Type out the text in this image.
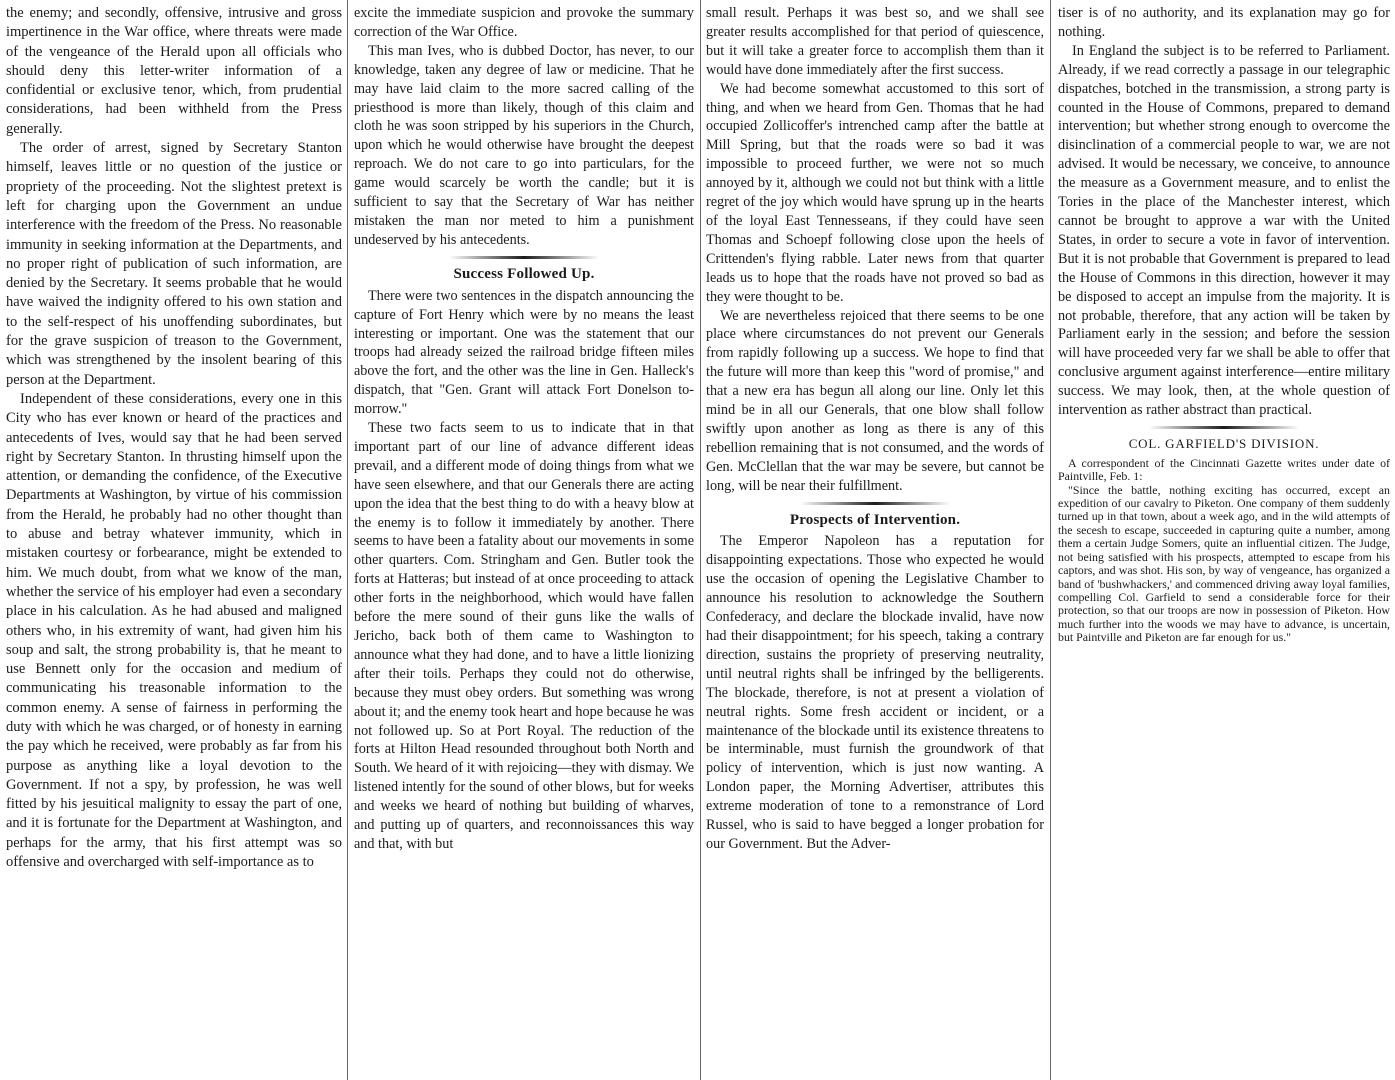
the enemy; and secondly, offensive, intrusive and gross impertinence in the War office, where threats were made of the vengeance of the Herald upon all officials who should deny this letter-writer information of a confidential or exclusive tenor, which, from prudential considerations, had been withheld from the Press generally.

The order of arrest, signed by Secretary Stanton himself, leaves little or no question of the justice or propriety of the proceeding. Not the slightest pretext is left for charging upon the Government an undue interference with the freedom of the Press. No reasonable immunity in seeking information at the Departments, and no proper right of publication of such information, are denied by the Secretary. It seems probable that he would have waived the indignity offered to his own station and to the self-respect of his unoffending subordinates, but for the grave suspicion of treason to the Government, which was strengthened by the insolent bearing of this person at the Department.

Independent of these considerations, every one in this City who has ever known or heard of the practices and antecedents of Ives, would say that he had been served right by Secretary Stanton. In thrusting himself upon the attention, or demanding the confidence, of the Executive Departments at Washington, by virtue of his commission from the Herald, he probably had no other thought than to abuse and betray whatever immunity, which in mistaken courtesy or forbearance, might be extended to him. We much doubt, from what we know of the man, whether the service of his employer had even a secondary place in his calculation. As he had abused and maligned others who, in his extremity of want, had given him his soup and salt, the strong probability is, that he meant to use Bennett only for the occasion and medium of communicating his treasonable information to the common enemy. A sense of fairness in performing the duty with which he was charged, or of honesty in earning the pay which he received, were probably as far from his purpose as anything like a loyal devotion to the Government. If not a spy, by profession, he was well fitted by his jesuitical malignity to essay the part of one, and it is fortunate for the Department at Washington, and perhaps for the army, that his first attempt was so offensive and overcharged with self-importance as to

excite the immediate suspicion and provoke the summary correction of the War Office.

This man Ives, who is dubbed Doctor, has never, to our knowledge, taken any degree of law or medicine. That he may have laid claim to the more sacred calling of the priesthood is more than likely, though of this claim and cloth he was soon stripped by his superiors in the Church, upon which he would otherwise have brought the deepest reproach. We do not care to go into particulars, for the game would scarcely be worth the candle; but it is sufficient to say that the Secretary of War has neither mistaken the man nor meted to him a punishment undeserved by his antecedents.

Success Followed Up.

There were two sentences in the dispatch announcing the capture of Fort Henry which were by no means the least interesting or important. One was the statement that our troops had already seized the railroad bridge fifteen miles above the fort, and the other was the line in Gen. Halleck's dispatch, that "Gen. Grant will attack Fort Donelson to-morrow."

These two facts seem to us to indicate that in that important part of our line of advance different ideas prevail, and a different mode of doing things from what we have seen elsewhere, and that our Generals there are acting upon the idea that the best thing to do with a heavy blow at the enemy is to follow it immediately by another. There seems to have been a fatality about our movements in some other quarters. Com. Stringham and Gen. Butler took the forts at Hatteras; but instead of at once proceeding to attack other forts in the neighborhood, which would have fallen before the mere sound of their guns like the walls of Jericho, back both of them came to Washington to announce what they had done, and to have a little lionizing after their toils. Perhaps they could not do otherwise, because they must obey orders. But something was wrong about it; and the enemy took heart and hope because he was not followed up. So at Port Royal. The reduction of the forts at Hilton Head resounded throughout both North and South. We heard of it with rejoicing—they with dismay. We listened intently for the sound of other blows, but for weeks and weeks we heard of nothing but building of wharves, and putting up of quarters, and reconnoissances this way and that, with but

small result. Perhaps it was best so, and we shall see greater results accomplished for that period of quiescence, but it will take a greater force to accomplish them than it would have done immediately after the first success.

We had become somewhat accustomed to this sort of thing, and when we heard from Gen. Thomas that he had occupied Zollicoffer's intrenched camp after the battle at Mill Spring, but that the roads were so bad it was impossible to proceed further, we were not so much annoyed by it, although we could not but think with a little regret of the joy which would have sprung up in the hearts of the loyal East Tennesseans, if they could have seen Thomas and Schoepf following close upon the heels of Crittenden's flying rabble. Later news from that quarter leads us to hope that the roads have not proved so bad as they were thought to be.

We are nevertheless rejoiced that there seems to be one place where circumstances do not prevent our Generals from rapidly following up a success. We hope to find that the future will more than keep this "word of promise," and that a new era has begun all along our line. Only let this mind be in all our Generals, that one blow shall follow swiftly upon another as long as there is any of this rebellion remaining that is not consumed, and the words of Gen. McClellan that the war may be severe, but cannot be long, will be near their fulfillment.

Prospects of Intervention.

The Emperor Napoleon has a reputation for disappointing expectations. Those who expected he would use the occasion of opening the Legislative Chamber to announce his resolution to acknowledge the Southern Confederacy, and declare the blockade invalid, have now had their disappointment; for his speech, taking a contrary direction, sustains the propriety of preserving neutrality, until neutral rights shall be infringed by the belligerents. The blockade, therefore, is not at present a violation of neutral rights. Some fresh accident or incident, or a maintenance of the blockade until its existence threatens to be interminable, must furnish the groundwork of that policy of intervention, which is just now wanting. A London paper, the Morning Advertiser, attributes this extreme moderation of tone to a remonstrance of Lord Russel, who is said to have begged a longer probation for our Government. But the Adver-

tiser is of no authority, and its explanation may go for nothing.

In England the subject is to be referred to Parliament. Already, if we read correctly a passage in our telegraphic dispatches, botched in the transmission, a strong party is counted in the House of Commons, prepared to demand intervention; but whether strong enough to overcome the disinclination of a commercial people to war, we are not advised. It would be necessary, we conceive, to announce the measure as a Government measure, and to enlist the Tories in the place of the Manchester interest, which cannot be brought to approve a war with the United States, in order to secure a vote in favor of intervention. But it is not probable that Government is prepared to lead the House of Commons in this direction, however it may be disposed to accept an impulse from the majority. It is not probable, therefore, that any action will be taken by Parliament early in the session; and before the session will have proceeded very far we shall be able to offer that conclusive argument against interference—entire military success. We may look, then, at the whole question of intervention as rather abstract than practical.

COL. GARFIELD'S DIVISION.

A correspondent of the Cincinnati Gazette writes under date of Paintville, Feb. 1:

"Since the battle, nothing exciting has occurred, except an expedition of our cavalry to Piketon. One company of them suddenly turned up in that town, about a week ago, and in the wild attempts of the secesh to escape, succeeded in capturing quite a number, among them a certain Judge Somers, quite an influential citizen. The Judge, not being satisfied with his prospects, attempted to escape from his captors, and was shot. His son, by way of vengeance, has organized a band of 'bushwhackers,' and commenced driving away loyal families, compelling Col. Garfield to send a considerable force for their protection, so that our troops are now in possession of Piketon. How much further into the woods we may have to advance, is uncertain, but Paintville and Piketon are far enough for us."
